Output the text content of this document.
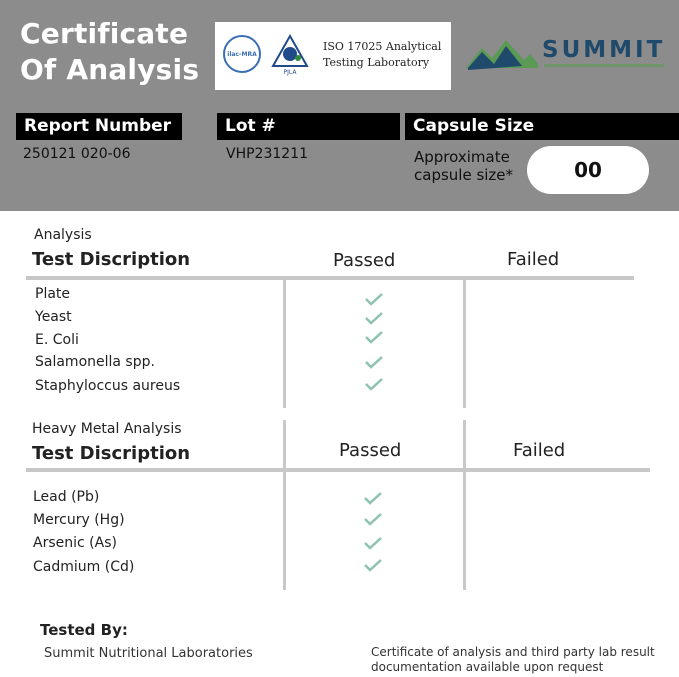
Certificate
Of Analysis	ilac-MRA
PJLA
ISO 17025 Analytical
Testing Laboratory	SUMMIT
Report Number	Lot #	Capsule Size
250121 020-06	VHP231211	Approximate
capsule size*	00
Analysis
Test Discription	Passed	Failed
Plate
Yeast
E. Coli
Salamonella spp.
Staphyloccus aureus
Heavy Metal Analysis
Test Discription	Passed	Failed
Lead (Pb)
Mercury (Hg)
Arsenic (As)
Cadmium (Cd)
Tested By:
Summit Nutritional Laboratories	Certificate of analysis and third party lab result
documentation available upon request
